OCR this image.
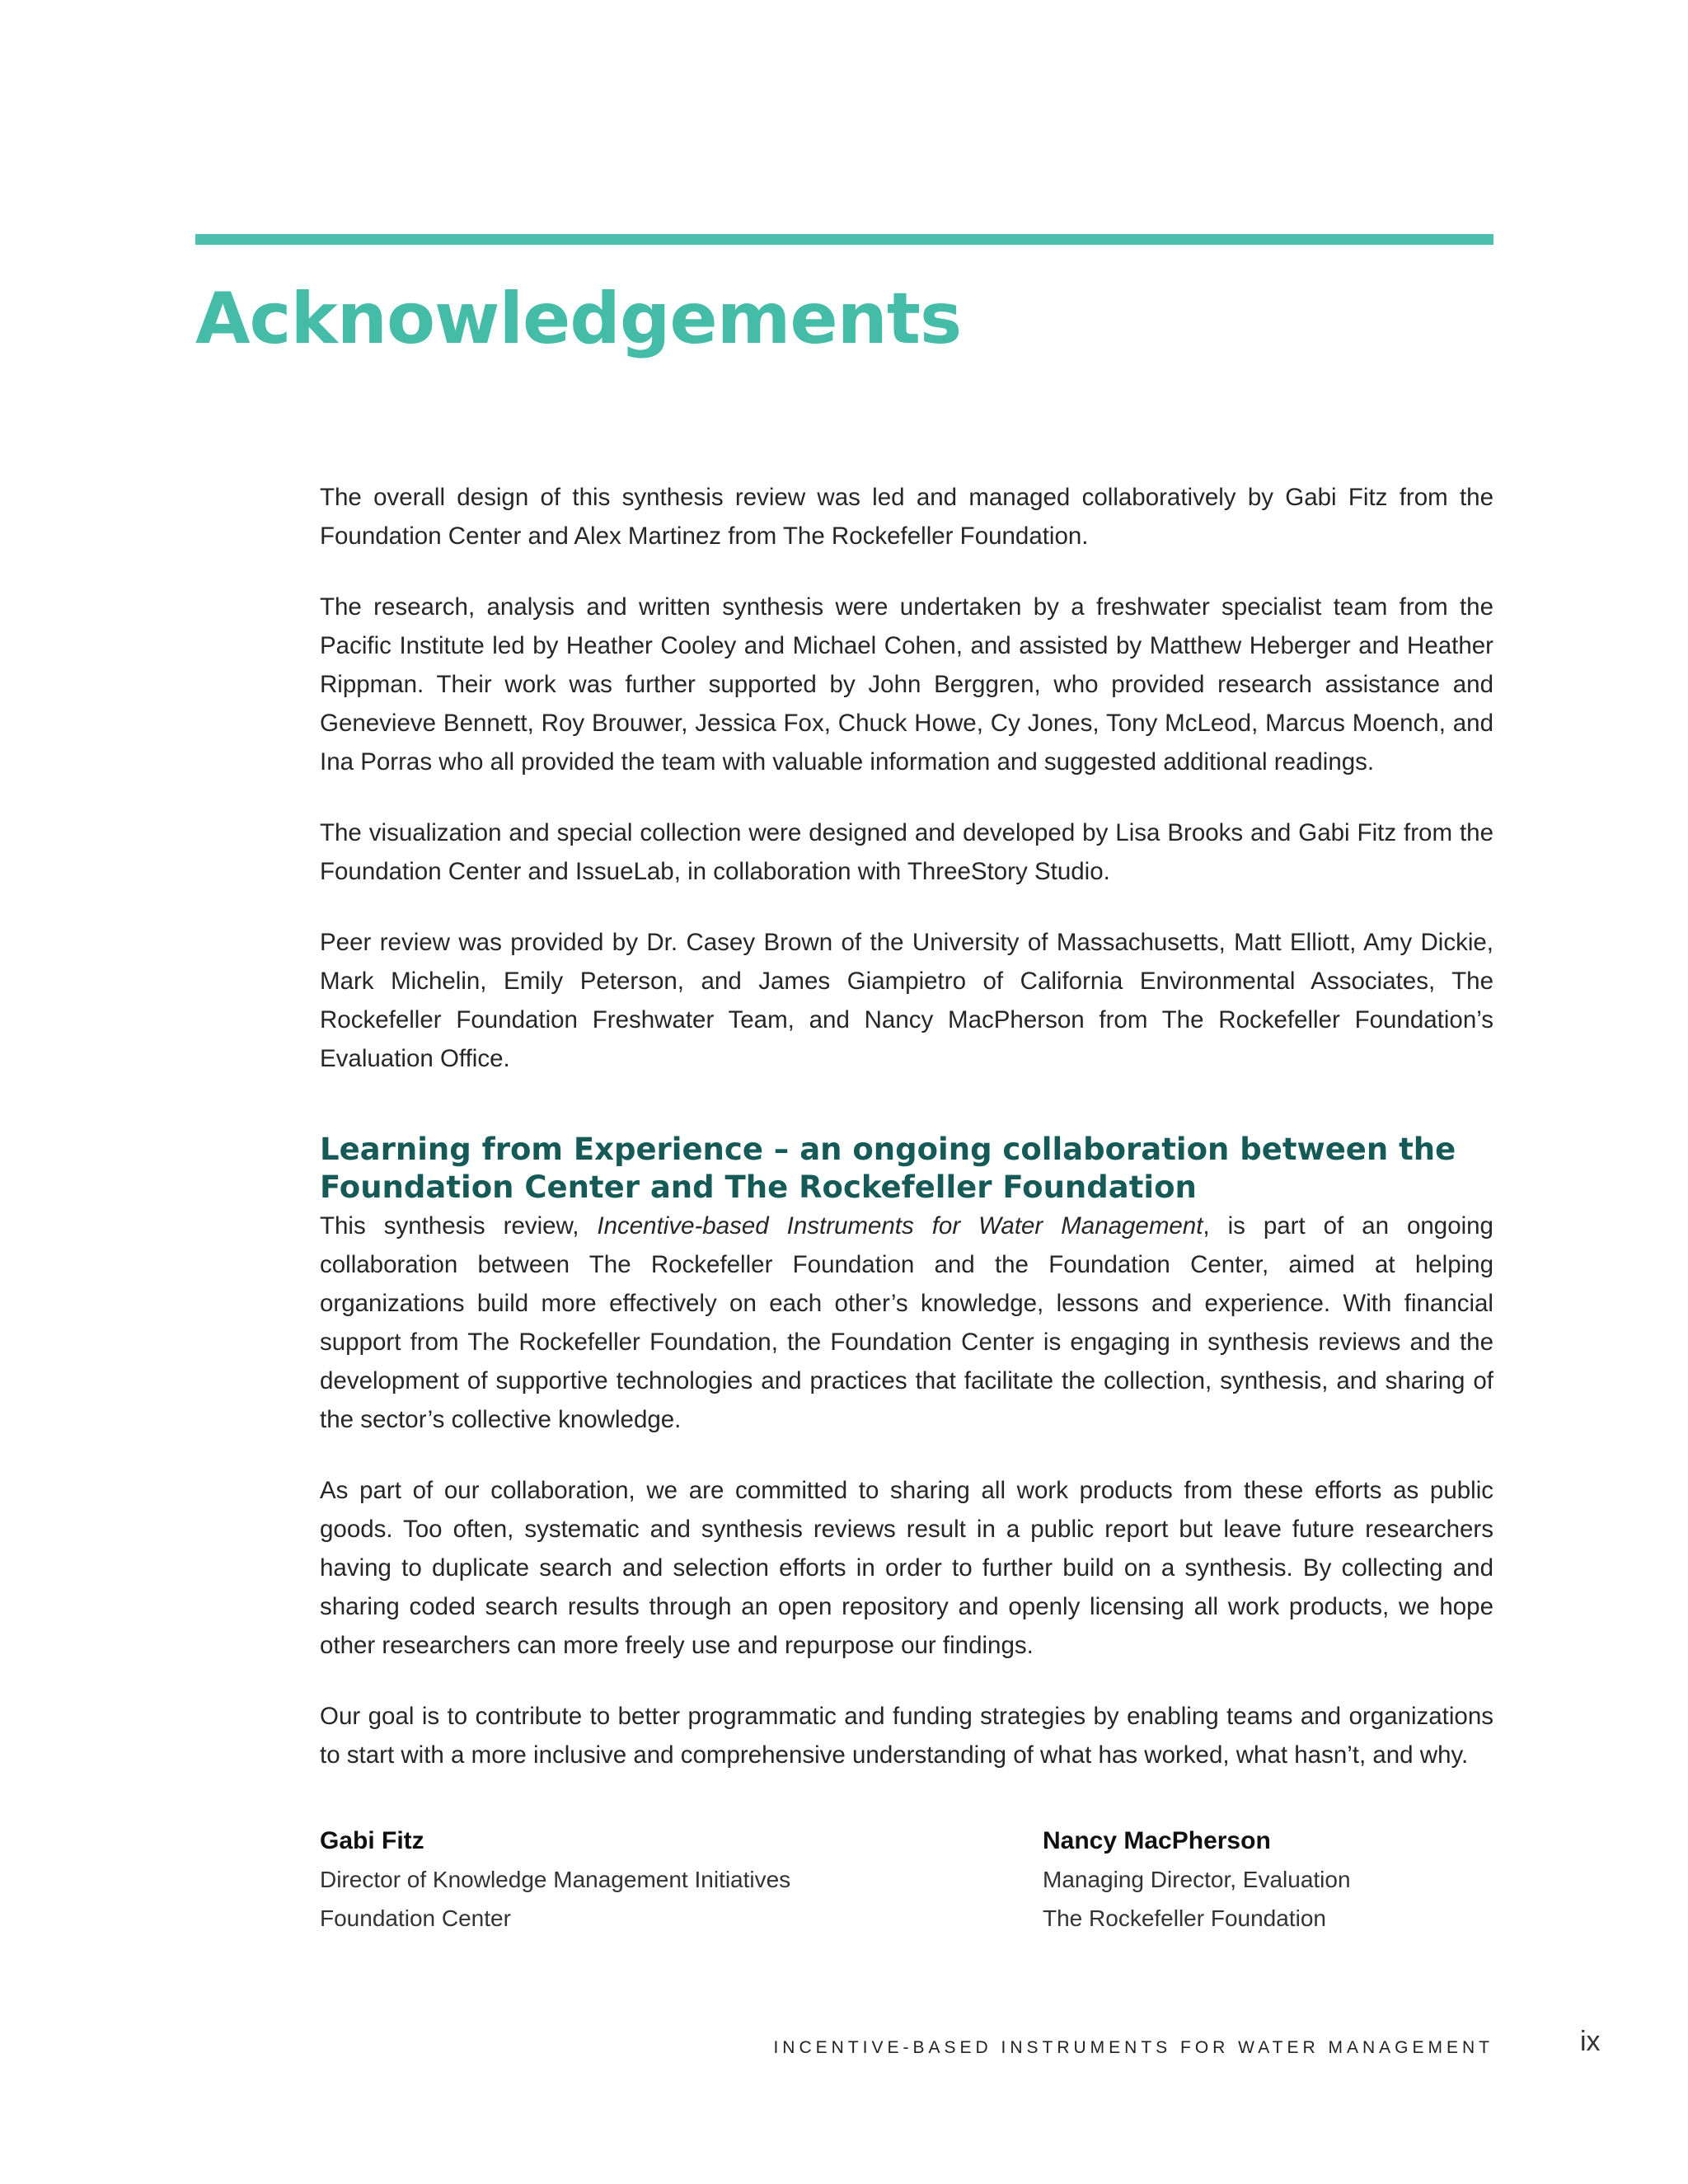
Acknowledgements

The overall design of this synthesis review was led and managed collaboratively by Gabi Fitz from the Foundation Center and Alex Martinez from The Rockefeller Foundation.

The research, analysis and written synthesis were undertaken by a freshwater specialist team from the Pacific Institute led by Heather Cooley and Michael Cohen, and assisted by Matthew Heberger and Heather Rippman. Their work was further supported by John Berggren, who provided research assistance and Genevieve Bennett, Roy Brouwer, Jessica Fox, Chuck Howe, Cy Jones, Tony McLeod, Marcus Moench, and Ina Porras who all provided the team with valuable information and suggested additional readings.

The visualization and special collection were designed and developed by Lisa Brooks and Gabi Fitz from the Foundation Center and IssueLab, in collaboration with ThreeStory Studio.

Peer review was provided by Dr. Casey Brown of the University of Massachusetts, Matt Elliott, Amy Dickie, Mark Michelin, Emily Peterson, and James Giampietro of California Environmental Associates, The Rockefeller Foundation Freshwater Team, and Nancy MacPherson from The Rockefeller Foundation’s Evaluation Office.

Learning from Experience – an ongoing collaboration between the Foundation Center and The Rockefeller Foundation

This synthesis review, Incentive-based Instruments for Water Management, is part of an ongoing collaboration between The Rockefeller Foundation and the Foundation Center, aimed at helping organizations build more effectively on each other’s knowledge, lessons and experience. With financial support from The Rockefeller Foundation, the Foundation Center is engaging in synthesis reviews and the development of supportive technologies and practices that facilitate the collection, synthesis, and sharing of the sector’s collective knowledge.

As part of our collaboration, we are committed to sharing all work products from these efforts as public goods. Too often, systematic and synthesis reviews result in a public report but leave future researchers having to duplicate search and selection efforts in order to further build on a synthesis. By collecting and sharing coded search results through an open repository and openly licensing all work products, we hope other researchers can more freely use and repurpose our findings.

Our goal is to contribute to better programmatic and funding strategies by enabling teams and organizations to start with a more inclusive and comprehensive understanding of what has worked, what hasn’t, and why.

Gabi Fitz
Director of Knowledge Management Initiatives
Foundation Center
Nancy MacPherson
Managing Director, Evaluation
The Rockefeller Foundation
INCENTIVE-BASED INSTRUMENTS FOR WATER MANAGEMENT	ix
